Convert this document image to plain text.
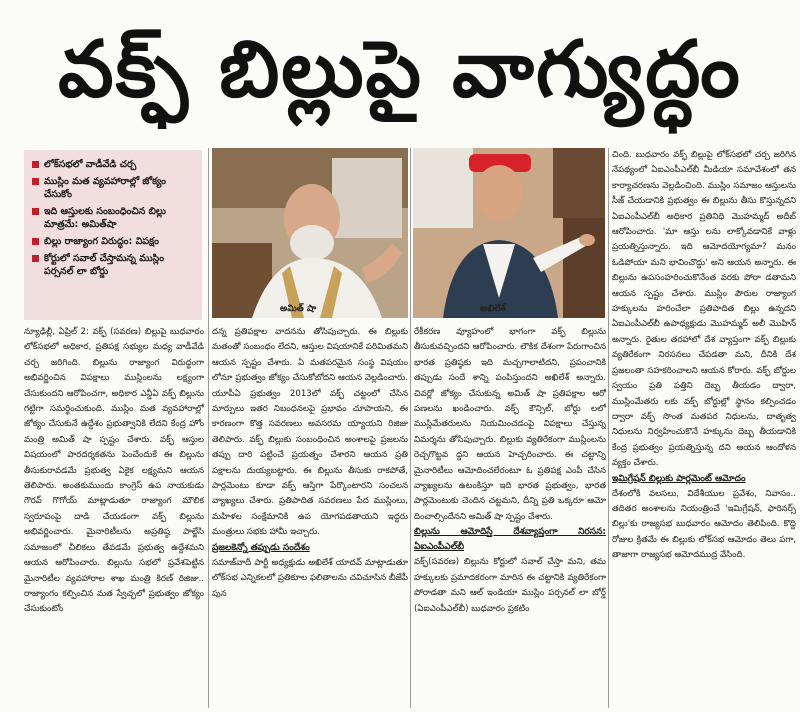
వక్ఫ్ బిల్లుపై వాగ్యుద్ధం
లోక్‌సభలో వాడీవేడి చర్చ
ముస్లిం మత వ్యవహారాల్లో జోక్యం చేసుకోం
ఇది ఆస్తులకు సంబంధించిన బిల్లు మాత్రమే: అమిత్‌షా
బిల్లు రాజ్యాంగ విరుద్ధం: విపక్షం
కోర్టులో సవాల్ చేస్తామన్న ముస్లిం పర్సనల్ లా బోర్డు
అమిత్ షా	అఖిలేశ్

న్యూఢిల్లీ, ఏప్రిల్ 2: వక్ఫ్ (సవరణ) బిల్లుపై బుధవారం లోక్‌సభలో అధికార, ప్రతిపక్ష సభ్యుల మధ్య వాడీవేడి చర్చ జరిగింది. బిల్లును రాజ్యాంగ విరుద్ధంగా అభివర్ణించిన విపక్షాలు ముస్లింలను లక్ష్యంగా చేసుకుందని ఆరోపించగా, అధికార ఎన్డీఏ వక్ఫ్ బిల్లును గట్టిగా సమర్థించుకుంది. ముస్లిం మత వ్యవహారాల్లో జోక్యం చేసుకునే ఉద్దేశం ప్రభుత్వానికి లేదని కేంద్ర హోం మంత్రి అమిత్ షా స్పష్టం చేశారు. వక్ఫ్ ఆస్తుల విషయంలో పారదర్శకతను పెంచేందుకే ఈ బిల్లును తీసుకురావడమే ప్రభుత్వ ఏకైక లక్ష్యమని ఆయన తెలిపారు. అంతకుముందు కాంగ్రెస్ ఉప నాయకుడు గౌరవ్ గొగోయ్ మాట్లాడుతూ రాజ్యాంగ మౌలిక స్వరూపంపై దాడి చేయడంగా వక్ఫ్ బిల్లును అభివర్ణించారు. మైనారిటీలను అప్రతిష్ఠ పాల్జేసి సమాజంలో చీలికలు తేవడమే ప్రభుత్వ ఉద్దేశమని ఆయన ఆరోపించారు. బిల్లును సభలో ప్రవేశపెట్టిన మైనారిటీల వ్యవహారాల శాఖ మంత్రి కిరణ్ రిజిజు.. రాజ్యాంగం కల్పించిన మత స్వేచ్ఛలో ప్రభుత్వం జోక్యం చేసుకుంటోం

దన్న ప్రతిపక్షాల వాదనను తోసిపుచ్చారు. ఈ బిల్లుకు మతంతో సంబంధం లేదని, ఆస్తుల విషయానికే పరిమితమని ఆయన స్పష్టం చేశారు. ఏ మతపరమైన సంస్థ విషయం లోనూ ప్రభుత్వం జోక్యం చేసుకోబోదని ఆయన వెల్లడించారు. యూపీఏ ప్రభుత్వం 2013లో వక్ఫ్ చట్టంలో చేసిన మార్పులు ఇతర నిబంధనలపై ప్రభావం చూపాయని, ఈ కారణంగా కొత్త సవరణలు అవసరమ య్యాయని రిజిజు తెలిపారు. వక్ఫ్ బిల్లుకు సంబంధించిన అంశాలపై ప్రజలను తప్పు దారి పట్టించే ప్రయత్నం చేశారని ఆయన ప్రతి పక్షాలను దుయ్యబట్టారు. ఈ బిల్లును తీసుకు రాకపోతే, పార్లమెంటు కూడా వక్ఫ్ ఆస్తిగా పేర్కొంటారని సంచలన వ్యాఖ్యలు చేశారు. ప్రతిపాదిత సవరణలు పేద ముస్లింలు, మహిళల సంక్షేమానికి ఉప యోగపడతాయని ఇద్దరు మంత్రులు సభకు హామీ ఇచ్చారు.

ప్రజలకెన్నో తప్పుడు సందేశం

సమాజ్‌వాదీ పార్టీ అధ్యక్షుడు అఖిలేశ్ యాదవ్ మాట్లాడుతూ లోక్‌సభ ఎన్నికలలో ప్రతికూల ఫలితాలను చవిచూసిన బీజేపీ పున

రేకీకరణ వ్యూహంలో భాగంగా వక్ఫ్ బిల్లును తీసుకువచ్చిందని ఆరోపించారు. లౌకిక దేశంగా పేరుగాంచిన భారత ప్రతిష్ఠకు ఇది మచ్చగాలాటిదని, ప్రపంచానికి తప్పుడు సందే శాన్ని పంపిస్తుందని అఖిలేశ్ అన్నారు. చివర్లో జోక్యం చేసుకున్న అమిత్ షా ప్రతిపక్షాల ఆరో పణలను ఖండించారు. వక్ఫ్ కౌన్సిల్, బోర్డు లలో ముస్లిమేతరులను నియమించడంపై విపక్షాలు చేస్తున్న విమర్శను తోసిపుచ్చారు. బిల్లుకు వ్యతిరేకంగా ముస్లింలను రెచ్చగొట్టవ ద్దని ఆయన హెచ్చరించారు. ఈ చట్టాన్ని మైనారిటీలు ఆమోదించలేరంటూ ఓ ప్రతిపక్ష ఎంపీ చేసిన వ్యాఖ్యలను ఉటంకిస్తూ ఇది భారత ప్రభుత్వం, భారత పార్లమెంటుకు చెందిన చట్టమని, దీన్ని ప్రతి ఒక్కరూ ఆమో దించాల్సిందేనని అమిత్ షా స్పష్టం చేశారు.

బిల్లును ఆమోదిస్తే దేశవ్యాప్తంగా నిరసన: ఏఐఎంపీఎల్‌బీ

వక్ఫ్(సవరణ) బిల్లును కోర్టులో సవాల్ చేస్తా మని, తమ హక్కులకు ప్రమాదకరంగా మారిన ఈ చట్టానికి వ్యతిరేకంగా పోరాడతా మని ఆల్ ఇండియా ముస్లిం పర్సనల్ లా బోర్డ్ (ఏఐఎంపీఎల్‌బీ) బుధవారం ప్రకటిం

చింది. బుధవారం వక్ఫ్ బిల్లుపై లోక్‌సభలో చర్చ జరిగిన నేపథ్యంలో ఏఐఎంపీఎల్‌బీ మీడియా సమావేశంలో తన కార్యాచరణను వెల్లడించింది. ముస్లిం సమాజం ఆస్తులను సీజ్ చేయడానికి ప్రభుత్వం ఈ బిల్లును తీసు కొస్తున్నదని ఏఐఎంపీఎల్‌బీ అధికార ప్రతినిధి మొహమ్మద్ అదీబ్ ఆరోపించారు. 'మా ఆస్తు లను లాక్కోవడానికే వాళ్లు ప్రయత్నిస్తున్నారు. ఇది ఆమోదయోగ్యమా? మనం ఓడిపోయా మని భావించొద్దు' అని ఆయన అన్నారు. ఈ బిల్లును ఉపసంహరించుకొనేంత వరకు పోరా డతామని ఆయన స్పష్టం చేశారు. ముస్లిం పౌరుల రాజ్యాంగ హక్కులను హరించేలా ప్రతిపాదిత బిల్లు ఉన్నదని ఏఐఎంపీఎల్‌బీ ఉపాధ్యక్షుడు మొహమ్మద్ అలీ మొహిన్ అన్నారు. రైతుల తరహాలో దేశ వ్యాప్తంగా వక్ఫ్ బిల్లుకు వ్యతిరేకంగా నిరసనలు చేపడతా మని, దీనికి దేశ ప్రజలంతా సహకరించాలని ఆయన కోరారు. వక్ఫ్ బోర్డుల స్వయం ప్రతి పత్తిని దెబ్బ తీయడం ద్వారా, ముస్లింమేతరు లకు వక్ఫ్ బోర్డుల్లో స్థానం కల్పించడం ద్వారా వక్ఫ్ సొంత మతపర నిధులను, దాతృత్వ నిధులను నిర్వహించుకొనే హక్కును దెబ్బ తీయడానికి కేంద్ర ప్రభుత్వం ప్రయత్నిస్తున్న దని ఆయన ఆందోళన వ్యక్తం చేశారు.

ఇమిగ్రేషన్ బిల్లుకు పార్లమెంట్ ఆమోదం

దేశంలోకి వలసలు, విదేశీయుల ప్రవేశం, నివాసం.. తదితర అంశాలను నియంత్రించే 'ఇమిగ్రేషన్, ఫారినర్స్ బిల్లు'కు రాజ్యసభ బుధవారం ఆమోదం తెలిపింది. కొద్ది రోజుల క్రితమే ఈ బిల్లుకు లోక్‌సభ ఆమోదం తెలు పగా, తాజాగా రాజ్యసభ ఆమోదముద్ర వేసింది.
